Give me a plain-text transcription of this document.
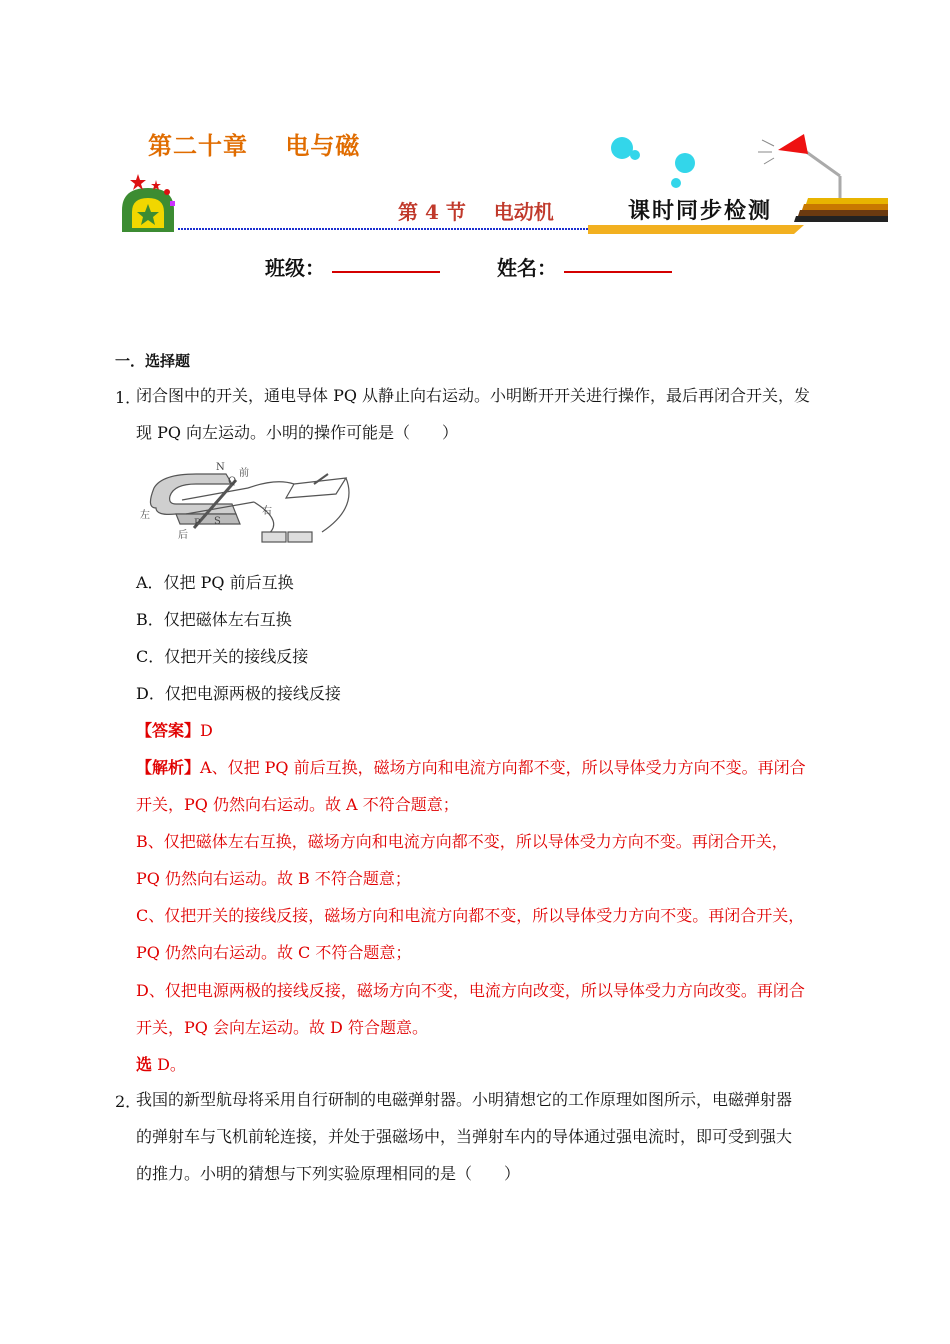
第二十章    电与磁
第 4 节    电动机	课时同步检测
班级：	姓名：
一．选择题
1．
闭合图中的开关，通电导体 PQ 从静止向右运动。小明断开开关进行操作，最后再闭合开关，发
现 PQ 向左运动。小明的操作可能是（　　）
N
前
Q
左
P S
后
右
A．仅把 PQ 前后互换
B．仅把磁体左右互换
C．仅把开关的接线反接
D．仅把电源两极的接线反接
【答案】D
【解析】A、仅把 PQ 前后互换，磁场方向和电流方向都不变，所以导体受力方向不变。再闭合
开关，PQ 仍然向右运动。故 A 不符合题意；
B、仅把磁体左右互换，磁场方向和电流方向都不变，所以导体受力方向不变。再闭合开关，
PQ 仍然向右运动。故 B 不符合题意；
C、仅把开关的接线反接，磁场方向和电流方向都不变，所以导体受力方向不变。再闭合开关，
PQ 仍然向右运动。故 C 不符合题意；
D、仅把电源两极的接线反接，磁场方向不变，电流方向改变，所以导体受力方向改变。再闭合
开关，PQ 会向左运动。故 D 符合题意。
选 D。
2．
我国的新型航母将采用自行研制的电磁弹射器。小明猜想它的工作原理如图所示，电磁弹射器
的弹射车与飞机前轮连接，并处于强磁场中，当弹射车内的导体通过强电流时，即可受到强大
的推力。小明的猜想与下列实验原理相同的是（　　）
